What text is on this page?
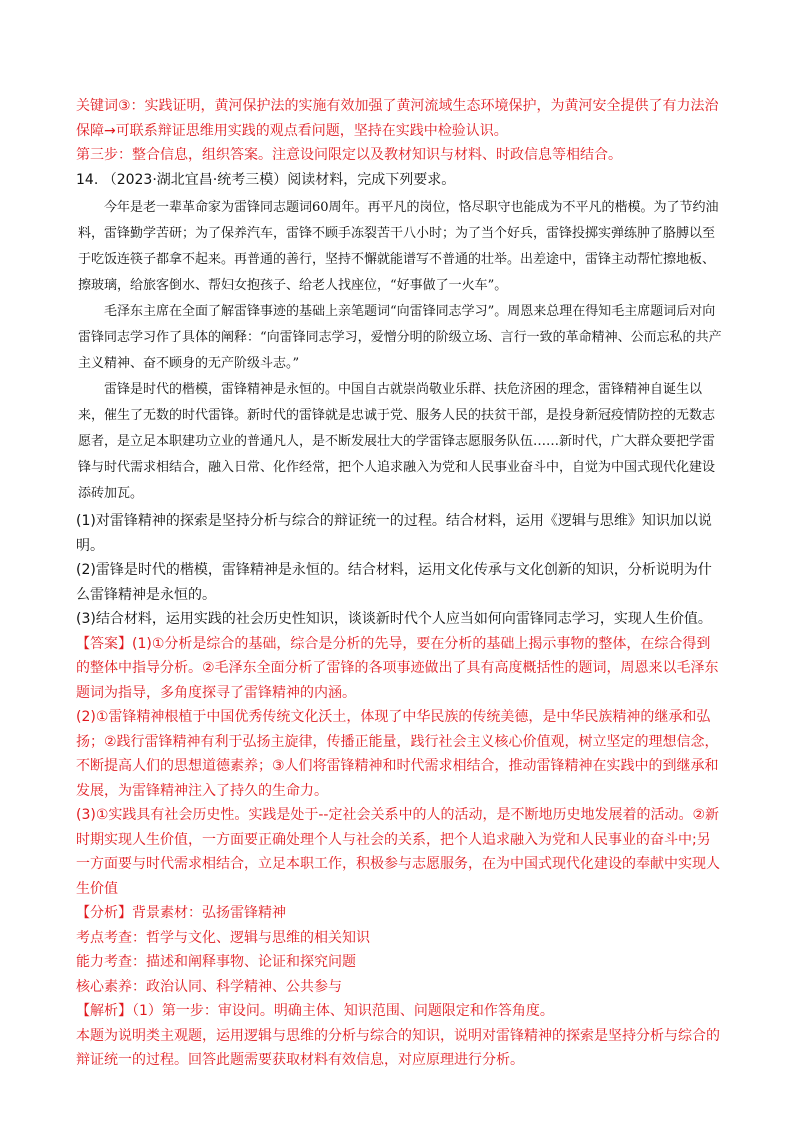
关键词③：实践证明，黄河保护法的实施有效加强了黄河流域生态环境保护，为黄河安全提供了有力法治

保障→可联系辩证思维用实践的观点看问题，坚持在实践中检验认识。

第三步：整合信息，组织答案。注意设问限定以及教材知识与材料、时政信息等相结合。

14. （2023·湖北宜昌·统考三模）阅读材料，完成下列要求。

今年是老一辈革命家为雷锋同志题词60周年。再平凡的岗位，恪尽职守也能成为不平凡的楷模。为了节约油料，雷锋勤学苦研；为了保养汽车，雷锋不顾手冻裂苦干八小时；为了当个好兵，雷锋投掷实弹练肿了胳膊以至于吃饭连筷子都拿不起来。再普通的善行，坚持不懈就能谱写不普通的壮举。出差途中，雷锋主动帮忙擦地板、擦玻璃，给旅客倒水、帮妇女抱孩子、给老人找座位，“好事做了一火车”。

毛泽东主席在全面了解雷锋事迹的基础上亲笔题词“向雷锋同志学习”。周恩来总理在得知毛主席题词后对向雷锋同志学习作了具体的阐释：“向雷锋同志学习，爱憎分明的阶级立场、言行一致的革命精神、公而忘私的共产主义精神、奋不顾身的无产阶级斗志。”

雷锋是时代的楷模，雷锋精神是永恒的。中国自古就崇尚敬业乐群、扶危济困的理念，雷锋精神自诞生以来，催生了无数的时代雷锋。新时代的雷锋就是忠诚于党、服务人民的扶贫干部，是投身新冠疫情防控的无数志愿者，是立足本职建功立业的普通凡人，是不断发展壮大的学雷锋志愿服务队伍……新时代，广大群众要把学雷锋与时代需求相结合，融入日常、化作经常，把个人追求融入为党和人民事业奋斗中，自觉为中国式现代化建设添砖加瓦。

(1)对雷锋精神的探索是坚持分析与综合的辩证统一的过程。结合材料，运用《逻辑与思维》知识加以说明。

(2)雷锋是时代的楷模，雷锋精神是永恒的。结合材料，运用文化传承与文化创新的知识，分析说明为什么雷锋精神是永恒的。

(3)结合材料，运用实践的社会历史性知识，谈谈新时代个人应当如何向雷锋同志学习，实现人生价值。

【答案】(1)①分析是综合的基础，综合是分析的先导，要在分析的基础上揭示事物的整体，在综合得到的整体中指导分析。②毛泽东全面分析了雷锋的各项事迹做出了具有高度概括性的题词，周恩来以毛泽东题词为指导，多角度探寻了雷锋精神的内涵。

(2)①雷锋精神根植于中国优秀传统文化沃土，体现了中华民族的传统美德，是中华民族精神的继承和弘扬；②践行雷锋精神有利于弘扬主旋律，传播正能量，践行社会主义核心价值观，树立坚定的理想信念，不断提高人们的思想道德素养；③人们将雷锋精神和时代需求相结合，推动雷锋精神在实践中的到继承和发展，为雷锋精神注入了持久的生命力。

(3)①实践具有社会历史性。实践是处于--定社会关系中的人的活动，是不断地历史地发展着的活动。②新时期实现人生价值，一方面要正确处理个人与社会的关系，把个人追求融入为党和人民事业的奋斗中;另一方面要与时代需求相结合，立足本职工作，积极参与志愿服务，在为中国式现代化建设的奉献中实现人生价值

【分析】背景素材：弘扬雷锋精神

考点考查：哲学与文化、逻辑与思维的相关知识

能力考查：描述和阐释事物、论证和探究问题

核心素养：政治认同、科学精神、公共参与

【解析】（1）第一步：审设问。明确主体、知识范围、问题限定和作答角度。

本题为说明类主观题，运用逻辑与思维的分析与综合的知识，说明对雷锋精神的探索是坚持分析与综合的辩证统一的过程。回答此题需要获取材料有效信息，对应原理进行分析。
